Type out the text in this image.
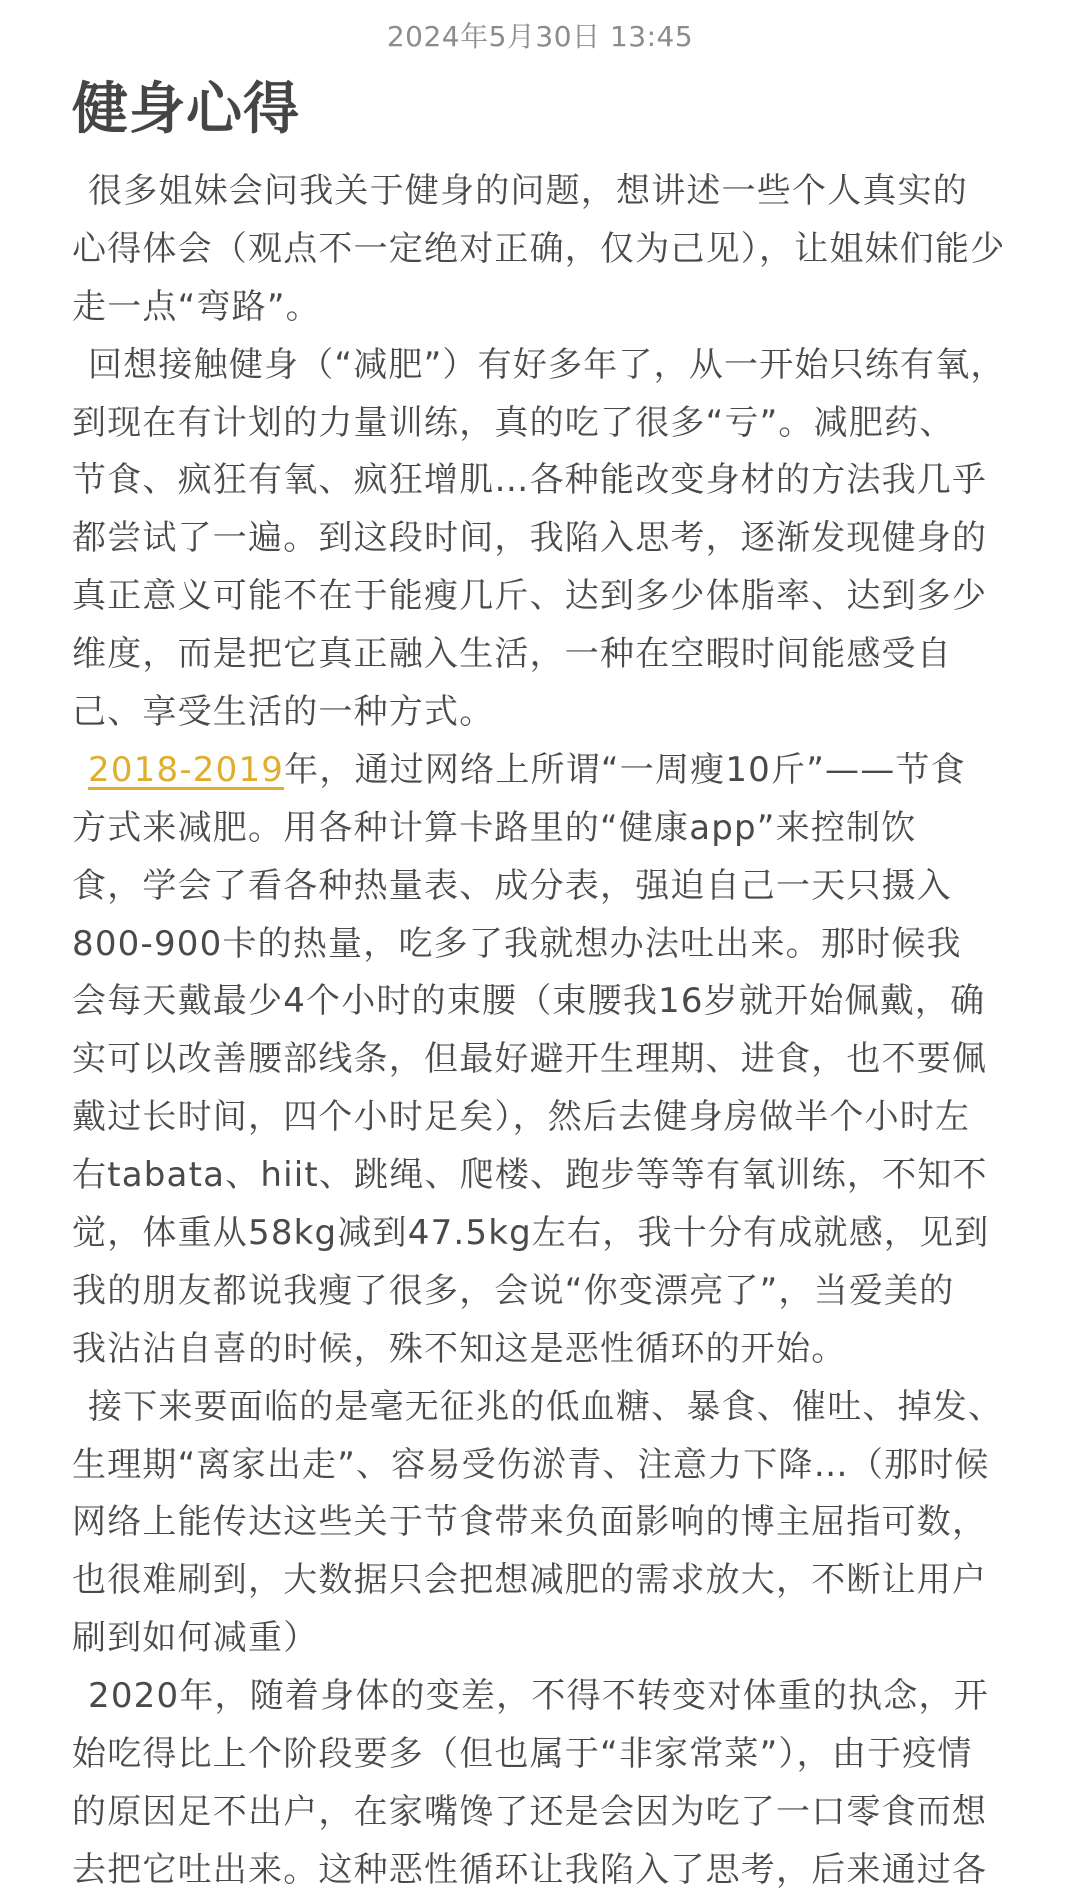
2024年5月30日 13:45
健身心得
很多姐妹会问我关于健身的问题，想讲述一些个人真实的
心得体会（观点不一定绝对正确，仅为己见），让姐妹们能少
走一点“弯路”。
回想接触健身（“减肥”）有好多年了，从一开始只练有氧，
到现在有计划的力量训练，真的吃了很多“亏”。减肥药、
节食、疯狂有氧、疯狂增肌…各种能改变身材的方法我几乎
都尝试了一遍。到这段时间，我陷入思考，逐渐发现健身的
真正意义可能不在于能瘦几斤、达到多少体脂率、达到多少
维度，而是把它真正融入生活，一种在空暇时间能感受自
己、享受生活的一种方式。
2018-2019年，通过网络上所谓“一周瘦10斤”——节食
方式来减肥。用各种计算卡路里的“健康app”来控制饮
食，学会了看各种热量表、成分表，强迫自己一天只摄入
800-900卡的热量，吃多了我就想办法吐出来。那时候我
会每天戴最少4个小时的束腰（束腰我16岁就开始佩戴，确
实可以改善腰部线条，但最好避开生理期、进食，也不要佩
戴过长时间，四个小时足矣），然后去健身房做半个小时左
右tabata、hiit、跳绳、爬楼、跑步等等有氧训练，不知不
觉，体重从58kg减到47.5kg左右，我十分有成就感，见到
我的朋友都说我瘦了很多，会说“你变漂亮了”，当爱美的
我沾沾自喜的时候，殊不知这是恶性循环的开始。
接下来要面临的是毫无征兆的低血糖、暴食、催吐、掉发、
生理期“离家出走”、容易受伤淤青、注意力下降…（那时候
网络上能传达这些关于节食带来负面影响的博主屈指可数，
也很难刷到，大数据只会把想减肥的需求放大，不断让用户
刷到如何减重）
2020年，随着身体的变差，不得不转变对体重的执念，开
始吃得比上个阶段要多（但也属于“非家常菜”），由于疫情
的原因足不出户，在家嘴馋了还是会因为吃了一口零食而想
去把它吐出来。这种恶性循环让我陷入了思考，后来通过各
